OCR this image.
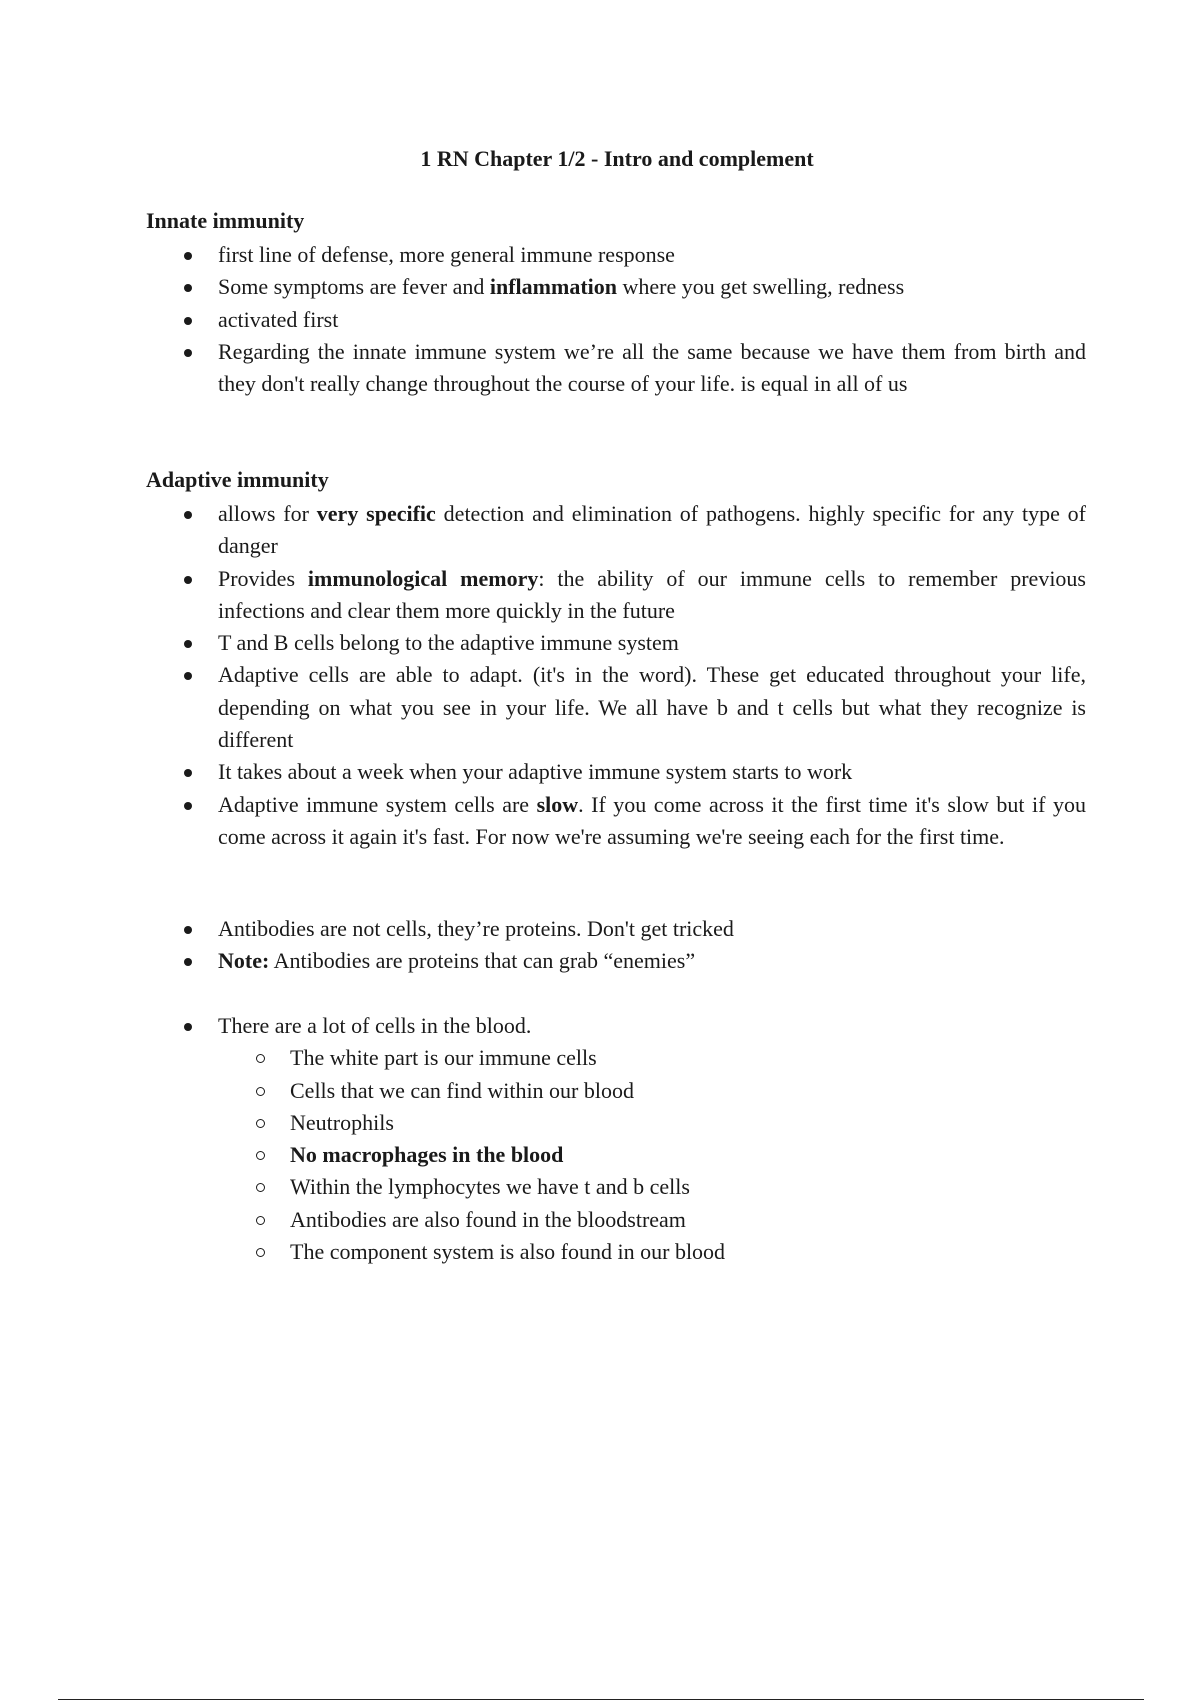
1 RN Chapter 1/2 - Intro and complement
Innate immunity
first line of defense, more general immune response
Some symptoms are fever and inflammation where you get swelling, redness
activated first
Regarding the innate immune system we’re all the same because we have them from birth and they don't really change throughout the course of your life. is equal in all of us
Adaptive immunity
allows for very specific detection and elimination of pathogens. highly specific for any type of danger
Provides immunological memory: the ability of our immune cells to remember previous infections and clear them more quickly in the future
T and B cells belong to the adaptive immune system
Adaptive cells are able to adapt. (it's in the word). These get educated throughout your life, depending on what you see in your life. We all have b and t cells but what they recognize is different
It takes about a week when your adaptive immune system starts to work
Adaptive immune system cells are slow. If you come across it the first time it's slow but if you come across it again it's fast. For now we're assuming we're seeing each for the first time.
Antibodies are not cells, they’re proteins. Don't get tricked
Note: Antibodies are proteins that can grab “enemies”
There are a lot of cells in the blood.
The white part is our immune cells
Cells that we can find within our blood
Neutrophils
No macrophages in the blood
Within the lymphocytes we have t and b cells
Antibodies are also found in the bloodstream
The component system is also found in our blood
